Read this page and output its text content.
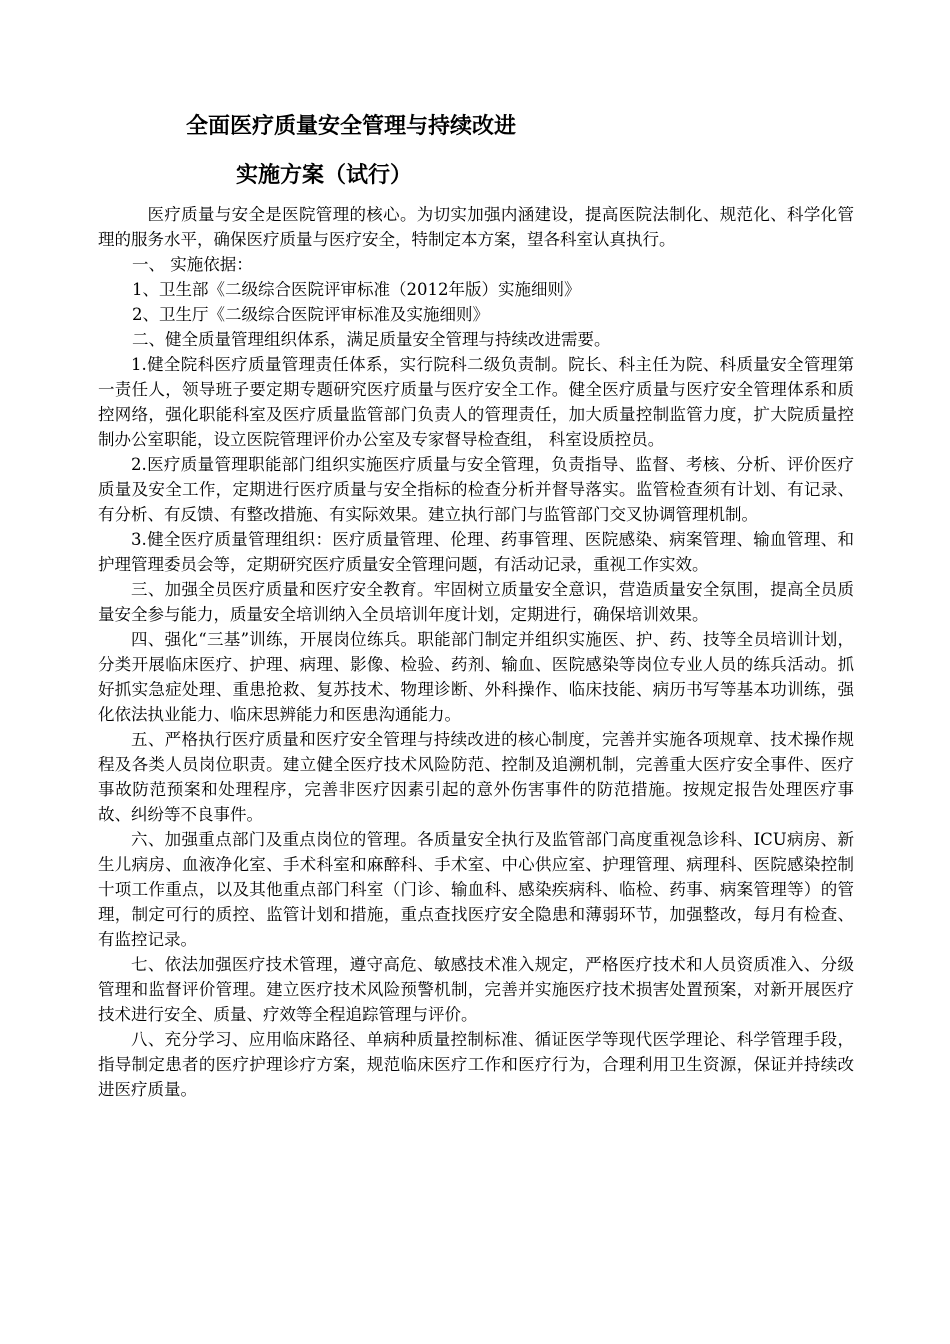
全面医疗质量安全管理与持续改进
实施方案（试行）

医疗质量与安全是医院管理的核心。为切实加强内涵建设，提高医院法制化、规范化、科学化管理的服务水平，确保医疗质量与医疗安全，特制定本方案，望各科室认真执行。

一、 实施依据：

1、卫生部《二级综合医院评审标准（2012年版）实施细则》

2、卫生厅《二级综合医院评审标准及实施细则》

二、健全质量管理组织体系，满足质量安全管理与持续改进需要。

1.健全院科医疗质量管理责任体系，实行院科二级负责制。院长、科主任为院、科质量安全管理第一责任人，领导班子要定期专题研究医疗质量与医疗安全工作。健全医疗质量与医疗安全管理体系和质控网络，强化职能科室及医疗质量监管部门负责人的管理责任，加大质量控制监管力度，扩大院质量控制办公室职能，设立医院管理评价办公室及专家督导检查组， 科室设质控员。

2.医疗质量管理职能部门组织实施医疗质量与安全管理，负责指导、监督、考核、分析、评价医疗质量及安全工作，定期进行医疗质量与安全指标的检查分析并督导落实。监管检查须有计划、有记录、有分析、有反馈、有整改措施、有实际效果。建立执行部门与监管部门交叉协调管理机制。

3.健全医疗质量管理组织：医疗质量管理、伦理、药事管理、医院感染、病案管理、输血管理、和护理管理委员会等，定期研究医疗质量安全管理问题，有活动记录，重视工作实效。

三、加强全员医疗质量和医疗安全教育。牢固树立质量安全意识，营造质量安全氛围，提高全员质量安全参与能力，质量安全培训纳入全员培训年度计划，定期进行，确保培训效果。

四、强化“三基”训练，开展岗位练兵。职能部门制定并组织实施医、护、药、技等全员培训计划，分类开展临床医疗、护理、病理、影像、检验、药剂、输血、医院感染等岗位专业人员的练兵活动。抓好抓实急症处理、重患抢救、复苏技术、物理诊断、外科操作、临床技能、病历书写等基本功训练，强化依法执业能力、临床思辨能力和医患沟通能力。

五、严格执行医疗质量和医疗安全管理与持续改进的核心制度，完善并实施各项规章、技术操作规程及各类人员岗位职责。建立健全医疗技术风险防范、控制及追溯机制，完善重大医疗安全事件、医疗事故防范预案和处理程序，完善非医疗因素引起的意外伤害事件的防范措施。按规定报告处理医疗事故、纠纷等不良事件。

六、加强重点部门及重点岗位的管理。各质量安全执行及监管部门高度重视急诊科、ICU病房、新生儿病房、血液净化室、手术科室和麻醉科、手术室、中心供应室、护理管理、病理科、医院感染控制十项工作重点，以及其他重点部门科室（门诊、输血科、感染疾病科、临检、药事、病案管理等）的管理，制定可行的质控、监管计划和措施，重点查找医疗安全隐患和薄弱环节，加强整改，每月有检查、有监控记录。

七、依法加强医疗技术管理，遵守高危、敏感技术准入规定，严格医疗技术和人员资质准入、分级管理和监督评价管理。建立医疗技术风险预警机制，完善并实施医疗技术损害处置预案，对新开展医疗技术进行安全、质量、疗效等全程追踪管理与评价。

八、充分学习、应用临床路径、单病种质量控制标准、循证医学等现代医学理论、科学管理手段，指导制定患者的医疗护理诊疗方案，规范临床医疗工作和医疗行为，合理利用卫生资源，保证并持续改进医疗质量。
